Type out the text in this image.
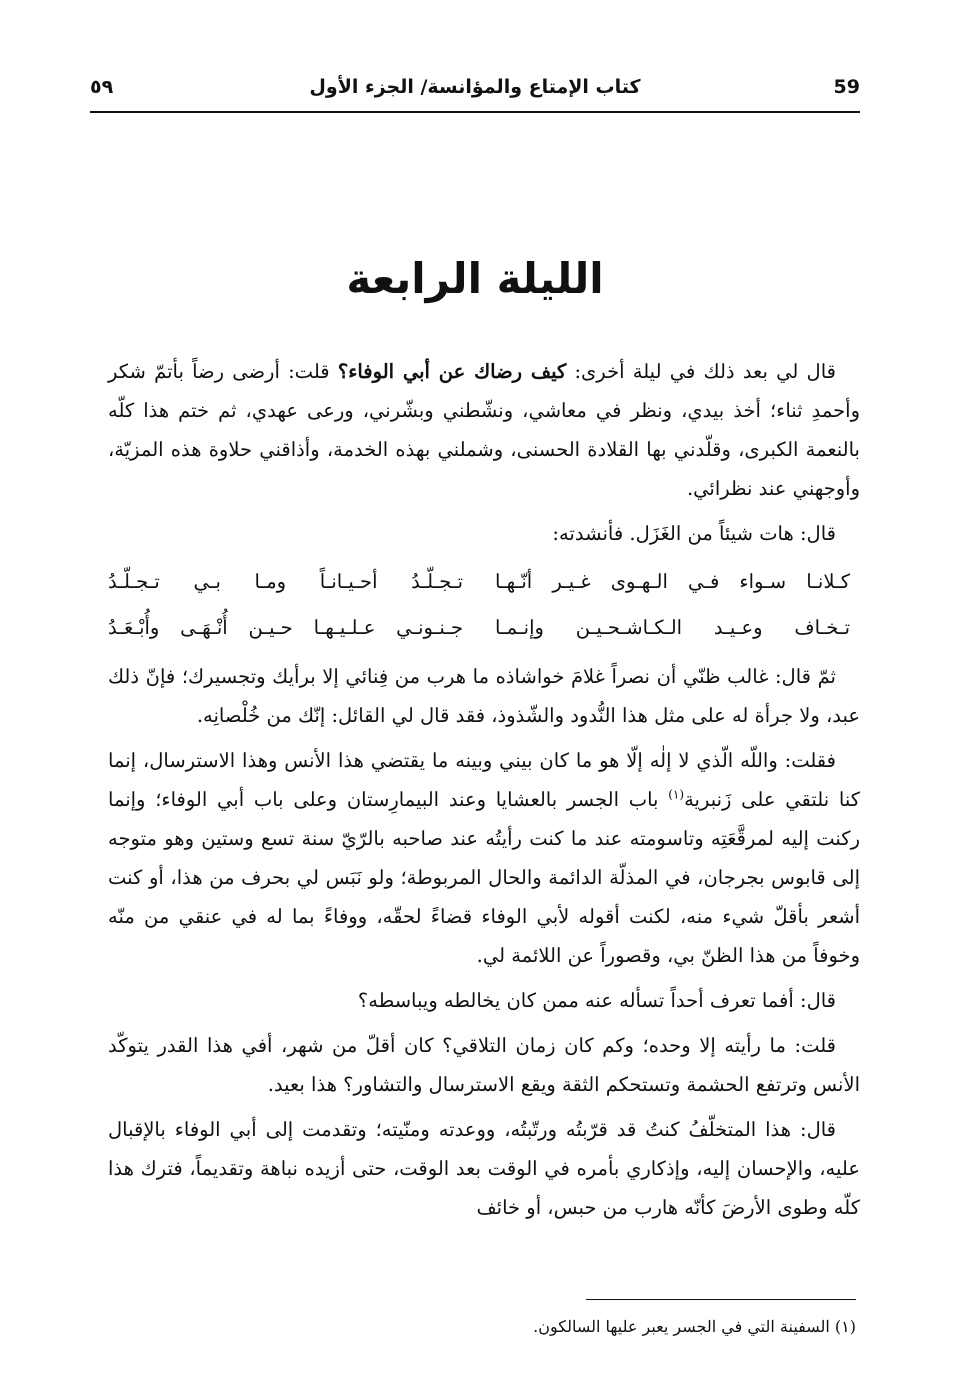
59
كتاب الإمتاع والمؤانسة/ الجزء الأول
٥٩
الليلة الرابعة

قال لي بعد ذلك في ليلة أخرى: كيف رضاك عن أبي الوفاء؟ قلت: أرضى رضاً بأتمّ شكر وأحمدِ ثناء؛ أخذ بيدي، ونظر في معاشي، ونشّطني وبشّرني، ورعى عهدي، ثم ختم هذا كلّه بالنعمة الكبرى، وقلّدني بها القلادة الحسنى، وشملني بهذه الخدمة، وأذاقني حلاوة هذه المزيّة، وأوجهني عند نظرائي.

قال: هات شيئاً من الغَزَل. فأنشدته:

كـلانـا سـواء فـي الـهـوى غـيـر أنّـهـا
تـجـلّـدُ أحـيـانـاً ومـا بـي تـجـلّـدُ
تـخـاف وعـيـد الـكـاشـحـيـن وإنـمـا
جـنـونـي عـلـيـهـا حـيـن أُنْـهَـى وأُبْـعَـدُ

ثمّ قال: غالب ظنّي أن نصراً غلامَ خواشاذه ما هرب من فِنائي إلا برأيك وتجسيرك؛ فإنّ ذلك عبد، ولا جرأة له على مثل هذا النُّدود والشّذوذ، فقد قال لي القائل: إنّك من خُلْصانِه.

فقلت: واللّه الّذي لا إلٰه إلّا هو ما كان بيني وبينه ما يقتضي هذا الأنس وهذا الاسترسال، إنما كنا نلتقي على زَنبرية$^{(١)}$ باب الجسر بالعشايا وعند البيمارِستان وعلى باب أبي الوفاء؛ وإنما ركنت إليه لمرقَّعَتِه وتاسومته عند ما كنت رأيتُه عند صاحبه بالرّيّ سنة تسع وستين وهو متوجه إلى قابوس بجرجان، في المذلّة الدائمة والحال المربوطة؛ ولو نَبَس لي بحرف من هذا، أو كنت أشعر بأقلّ شيء منه، لكنت أقوله لأبي الوفاء قضاءً لحقّه، ووفاءً بما له في عنقي من منّه وخوفاً من هذا الظنّ بي، وقصوراً عن اللائمة لي.

قال: أفما تعرف أحداً تسأله عنه ممن كان يخالطه ويباسطه؟

قلت: ما رأيته إلا وحده؛ وكم كان زمان التلاقي؟ كان أقلّ من شهر، أفي هذا القدر يتوكّد الأنس وترتفع الحشمة وتستحكم الثقة ويقع الاسترسال والتشاور؟ هذا بعيد.

قال: هذا المتخلّفُ كنتُ قد قرّبتُه ورتّبتُه، ووعدته ومنّيته؛ وتقدمت إلى أبي الوفاء بالإقبال عليه، والإحسان إليه، وإذكاري بأمره في الوقت بعد الوقت، حتى أزيده نباهة وتقديماً، فترك هذا كلّه وطوى الأرضَ كأنّه هارب من حبس، أو خائف

(١) السفينة التي في الجسر يعبر عليها السالكون.
